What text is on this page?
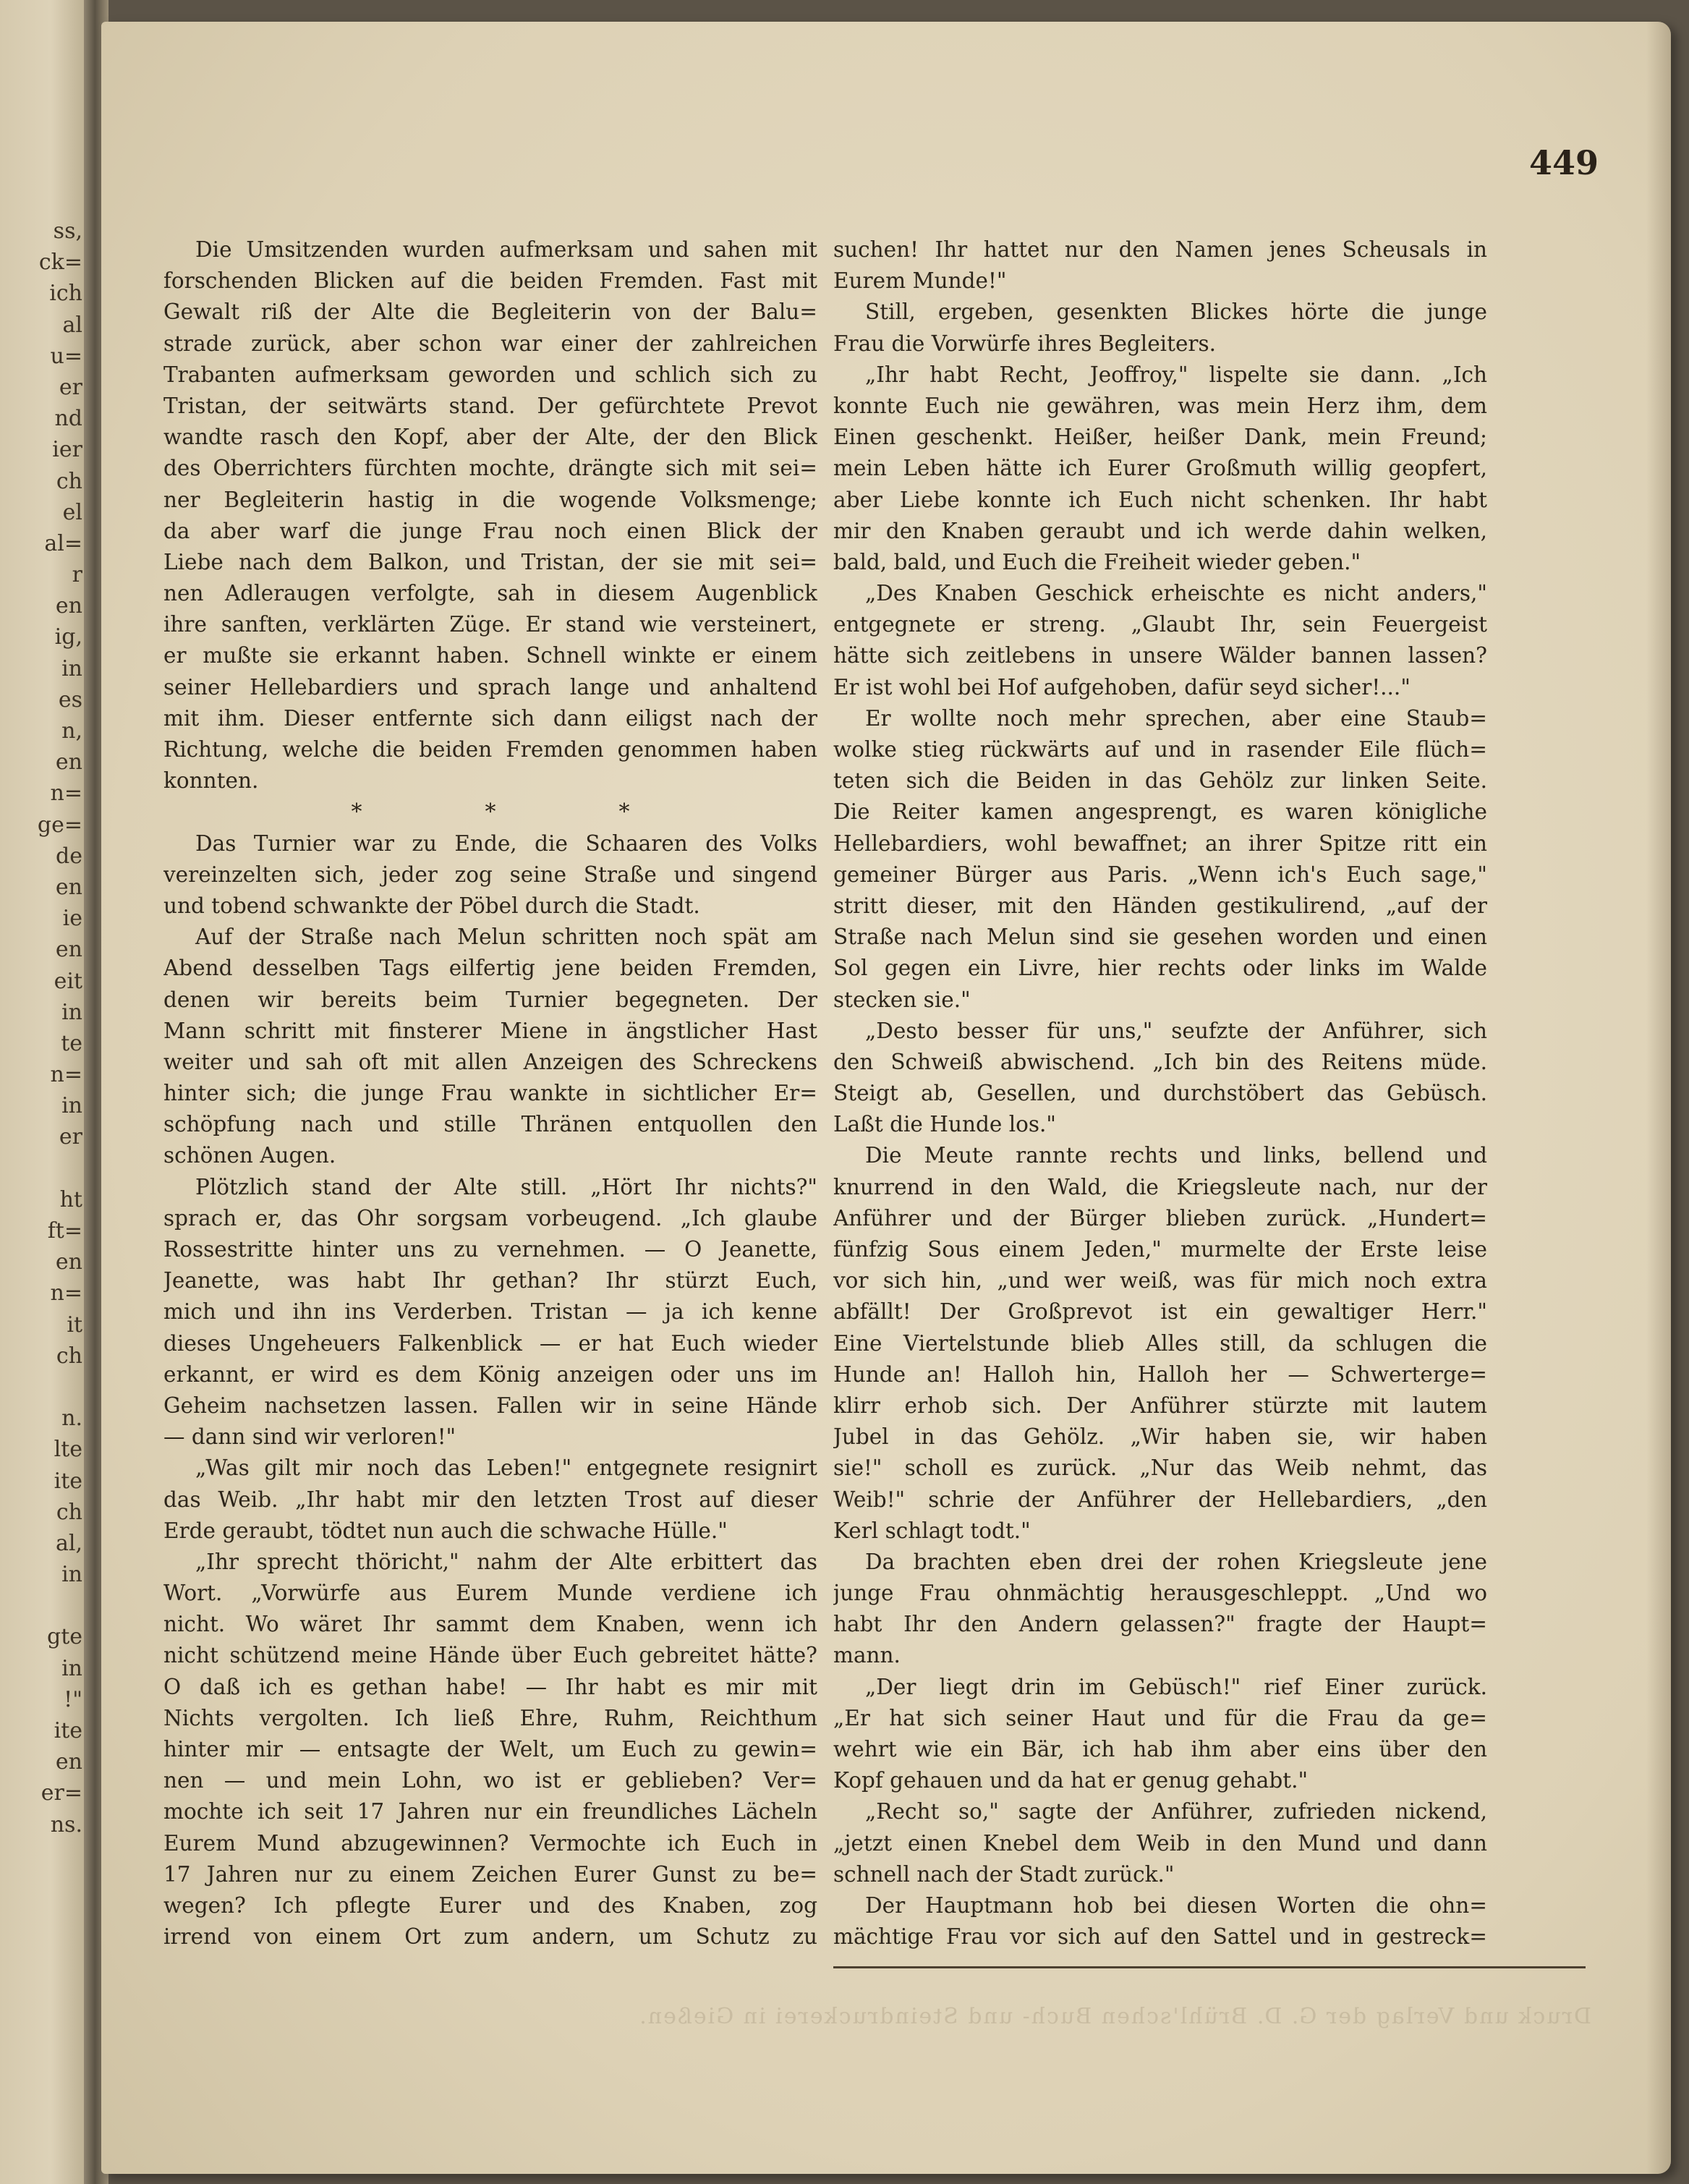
ss,
ck=
ich
al
u=
er
nd
ier
ch
el
al=
r
en
ig,
in
es
n,
en
n=
ge=
de
en
ie
en
eit
in
te
n=
in
er
ht
ft=
en
n=
it
ch
n.
lte
ite
ch
al,
in
gte
in
!"
ite
en
er=
ns.
449
Die Umsitzenden wurden aufmerksam und sahen mit
forschenden Blicken auf die beiden Fremden. Fast mit
Gewalt riß der Alte die Begleiterin von der Balu=
strade zurück, aber schon war einer der zahlreichen
Trabanten aufmerksam geworden und schlich sich zu
Tristan, der seitwärts stand. Der gefürchtete Prevot
wandte rasch den Kopf, aber der Alte, der den Blick
des Oberrichters fürchten mochte, drängte sich mit sei=
ner Begleiterin hastig in die wogende Volksmenge;
da aber warf die junge Frau noch einen Blick der
Liebe nach dem Balkon, und Tristan, der sie mit sei=
nen Adleraugen verfolgte, sah in diesem Augenblick
ihre sanften, verklärten Züge. Er stand wie versteinert,
er mußte sie erkannt haben. Schnell winkte er einem
seiner Hellebardiers und sprach lange und anhaltend
mit ihm. Dieser entfernte sich dann eiligst nach der
Richtung, welche die beiden Fremden genommen haben
konnten.
*	*	*
Das Turnier war zu Ende, die Schaaren des Volks
vereinzelten sich, jeder zog seine Straße und singend
und tobend schwankte der Pöbel durch die Stadt.
Auf der Straße nach Melun schritten noch spät am
Abend desselben Tags eilfertig jene beiden Fremden,
denen wir bereits beim Turnier begegneten. Der
Mann schritt mit finsterer Miene in ängstlicher Hast
weiter und sah oft mit allen Anzeigen des Schreckens
hinter sich; die junge Frau wankte in sichtlicher Er=
schöpfung nach und stille Thränen entquollen den
schönen Augen.
Plötzlich stand der Alte still. „Hört Ihr nichts?"
sprach er, das Ohr sorgsam vorbeugend. „Ich glaube
Rossestritte hinter uns zu vernehmen. — O Jeanette,
Jeanette, was habt Ihr gethan? Ihr stürzt Euch,
mich und ihn ins Verderben. Tristan — ja ich kenne
dieses Ungeheuers Falkenblick — er hat Euch wieder
erkannt, er wird es dem König anzeigen oder uns im
Geheim nachsetzen lassen. Fallen wir in seine Hände
— dann sind wir verloren!"
„Was gilt mir noch das Leben!" entgegnete resignirt
das Weib. „Ihr habt mir den letzten Trost auf dieser
Erde geraubt, tödtet nun auch die schwache Hülle."
„Ihr sprecht thöricht," nahm der Alte erbittert das
Wort. „Vorwürfe aus Eurem Munde verdiene ich
nicht. Wo wäret Ihr sammt dem Knaben, wenn ich
nicht schützend meine Hände über Euch gebreitet hätte?
O daß ich es gethan habe! — Ihr habt es mir mit
Nichts vergolten. Ich ließ Ehre, Ruhm, Reichthum
hinter mir — entsagte der Welt, um Euch zu gewin=
nen — und mein Lohn, wo ist er geblieben? Ver=
mochte ich seit 17 Jahren nur ein freundliches Lächeln
Eurem Mund abzugewinnen? Vermochte ich Euch in
17 Jahren nur zu einem Zeichen Eurer Gunst zu be=
wegen? Ich pflegte Eurer und des Knaben, zog
irrend von einem Ort zum andern, um Schutz zu
suchen! Ihr hattet nur den Namen jenes Scheusals in
Eurem Munde!"
Still, ergeben, gesenkten Blickes hörte die junge
Frau die Vorwürfe ihres Begleiters.
„Ihr habt Recht, Jeoffroy," lispelte sie dann. „Ich
konnte Euch nie gewähren, was mein Herz ihm, dem
Einen geschenkt. Heißer, heißer Dank, mein Freund;
mein Leben hätte ich Eurer Großmuth willig geopfert,
aber Liebe konnte ich Euch nicht schenken. Ihr habt
mir den Knaben geraubt und ich werde dahin welken,
bald, bald, und Euch die Freiheit wieder geben."
„Des Knaben Geschick erheischte es nicht anders,"
entgegnete er streng. „Glaubt Ihr, sein Feuergeist
hätte sich zeitlebens in unsere Wälder bannen lassen?
Er ist wohl bei Hof aufgehoben, dafür seyd sicher!..."
Er wollte noch mehr sprechen, aber eine Staub=
wolke stieg rückwärts auf und in rasender Eile flüch=
teten sich die Beiden in das Gehölz zur linken Seite.
Die Reiter kamen angesprengt, es waren königliche
Hellebardiers, wohl bewaffnet; an ihrer Spitze ritt ein
gemeiner Bürger aus Paris. „Wenn ich's Euch sage,"
stritt dieser, mit den Händen gestikulirend, „auf der
Straße nach Melun sind sie gesehen worden und einen
Sol gegen ein Livre, hier rechts oder links im Walde
stecken sie."
„Desto besser für uns," seufzte der Anführer, sich
den Schweiß abwischend. „Ich bin des Reitens müde.
Steigt ab, Gesellen, und durchstöbert das Gebüsch.
Laßt die Hunde los."
Die Meute rannte rechts und links, bellend und
knurrend in den Wald, die Kriegsleute nach, nur der
Anführer und der Bürger blieben zurück. „Hundert=
fünfzig Sous einem Jeden," murmelte der Erste leise
vor sich hin, „und wer weiß, was für mich noch extra
abfällt! Der Großprevot ist ein gewaltiger Herr."
Eine Viertelstunde blieb Alles still, da schlugen die
Hunde an! Halloh hin, Halloh her — Schwerterge=
klirr erhob sich. Der Anführer stürzte mit lautem
Jubel in das Gehölz. „Wir haben sie, wir haben
sie!" scholl es zurück. „Nur das Weib nehmt, das
Weib!" schrie der Anführer der Hellebardiers, „den
Kerl schlagt todt."
Da brachten eben drei der rohen Kriegsleute jene
junge Frau ohnmächtig herausgeschleppt. „Und wo
habt Ihr den Andern gelassen?" fragte der Haupt=
mann.
„Der liegt drin im Gebüsch!" rief Einer zurück.
„Er hat sich seiner Haut und für die Frau da ge=
wehrt wie ein Bär, ich hab ihm aber eins über den
Kopf gehauen und da hat er genug gehabt."
„Recht so," sagte der Anführer, zufrieden nickend,
„jetzt einen Knebel dem Weib in den Mund und dann
schnell nach der Stadt zurück."
Der Hauptmann hob bei diesen Worten die ohn=
mächtige Frau vor sich auf den Sattel und in gestreck=
Druck und Verlag der G. D. Brühl'schen Buch- und Steindruckerei in Gießen.
